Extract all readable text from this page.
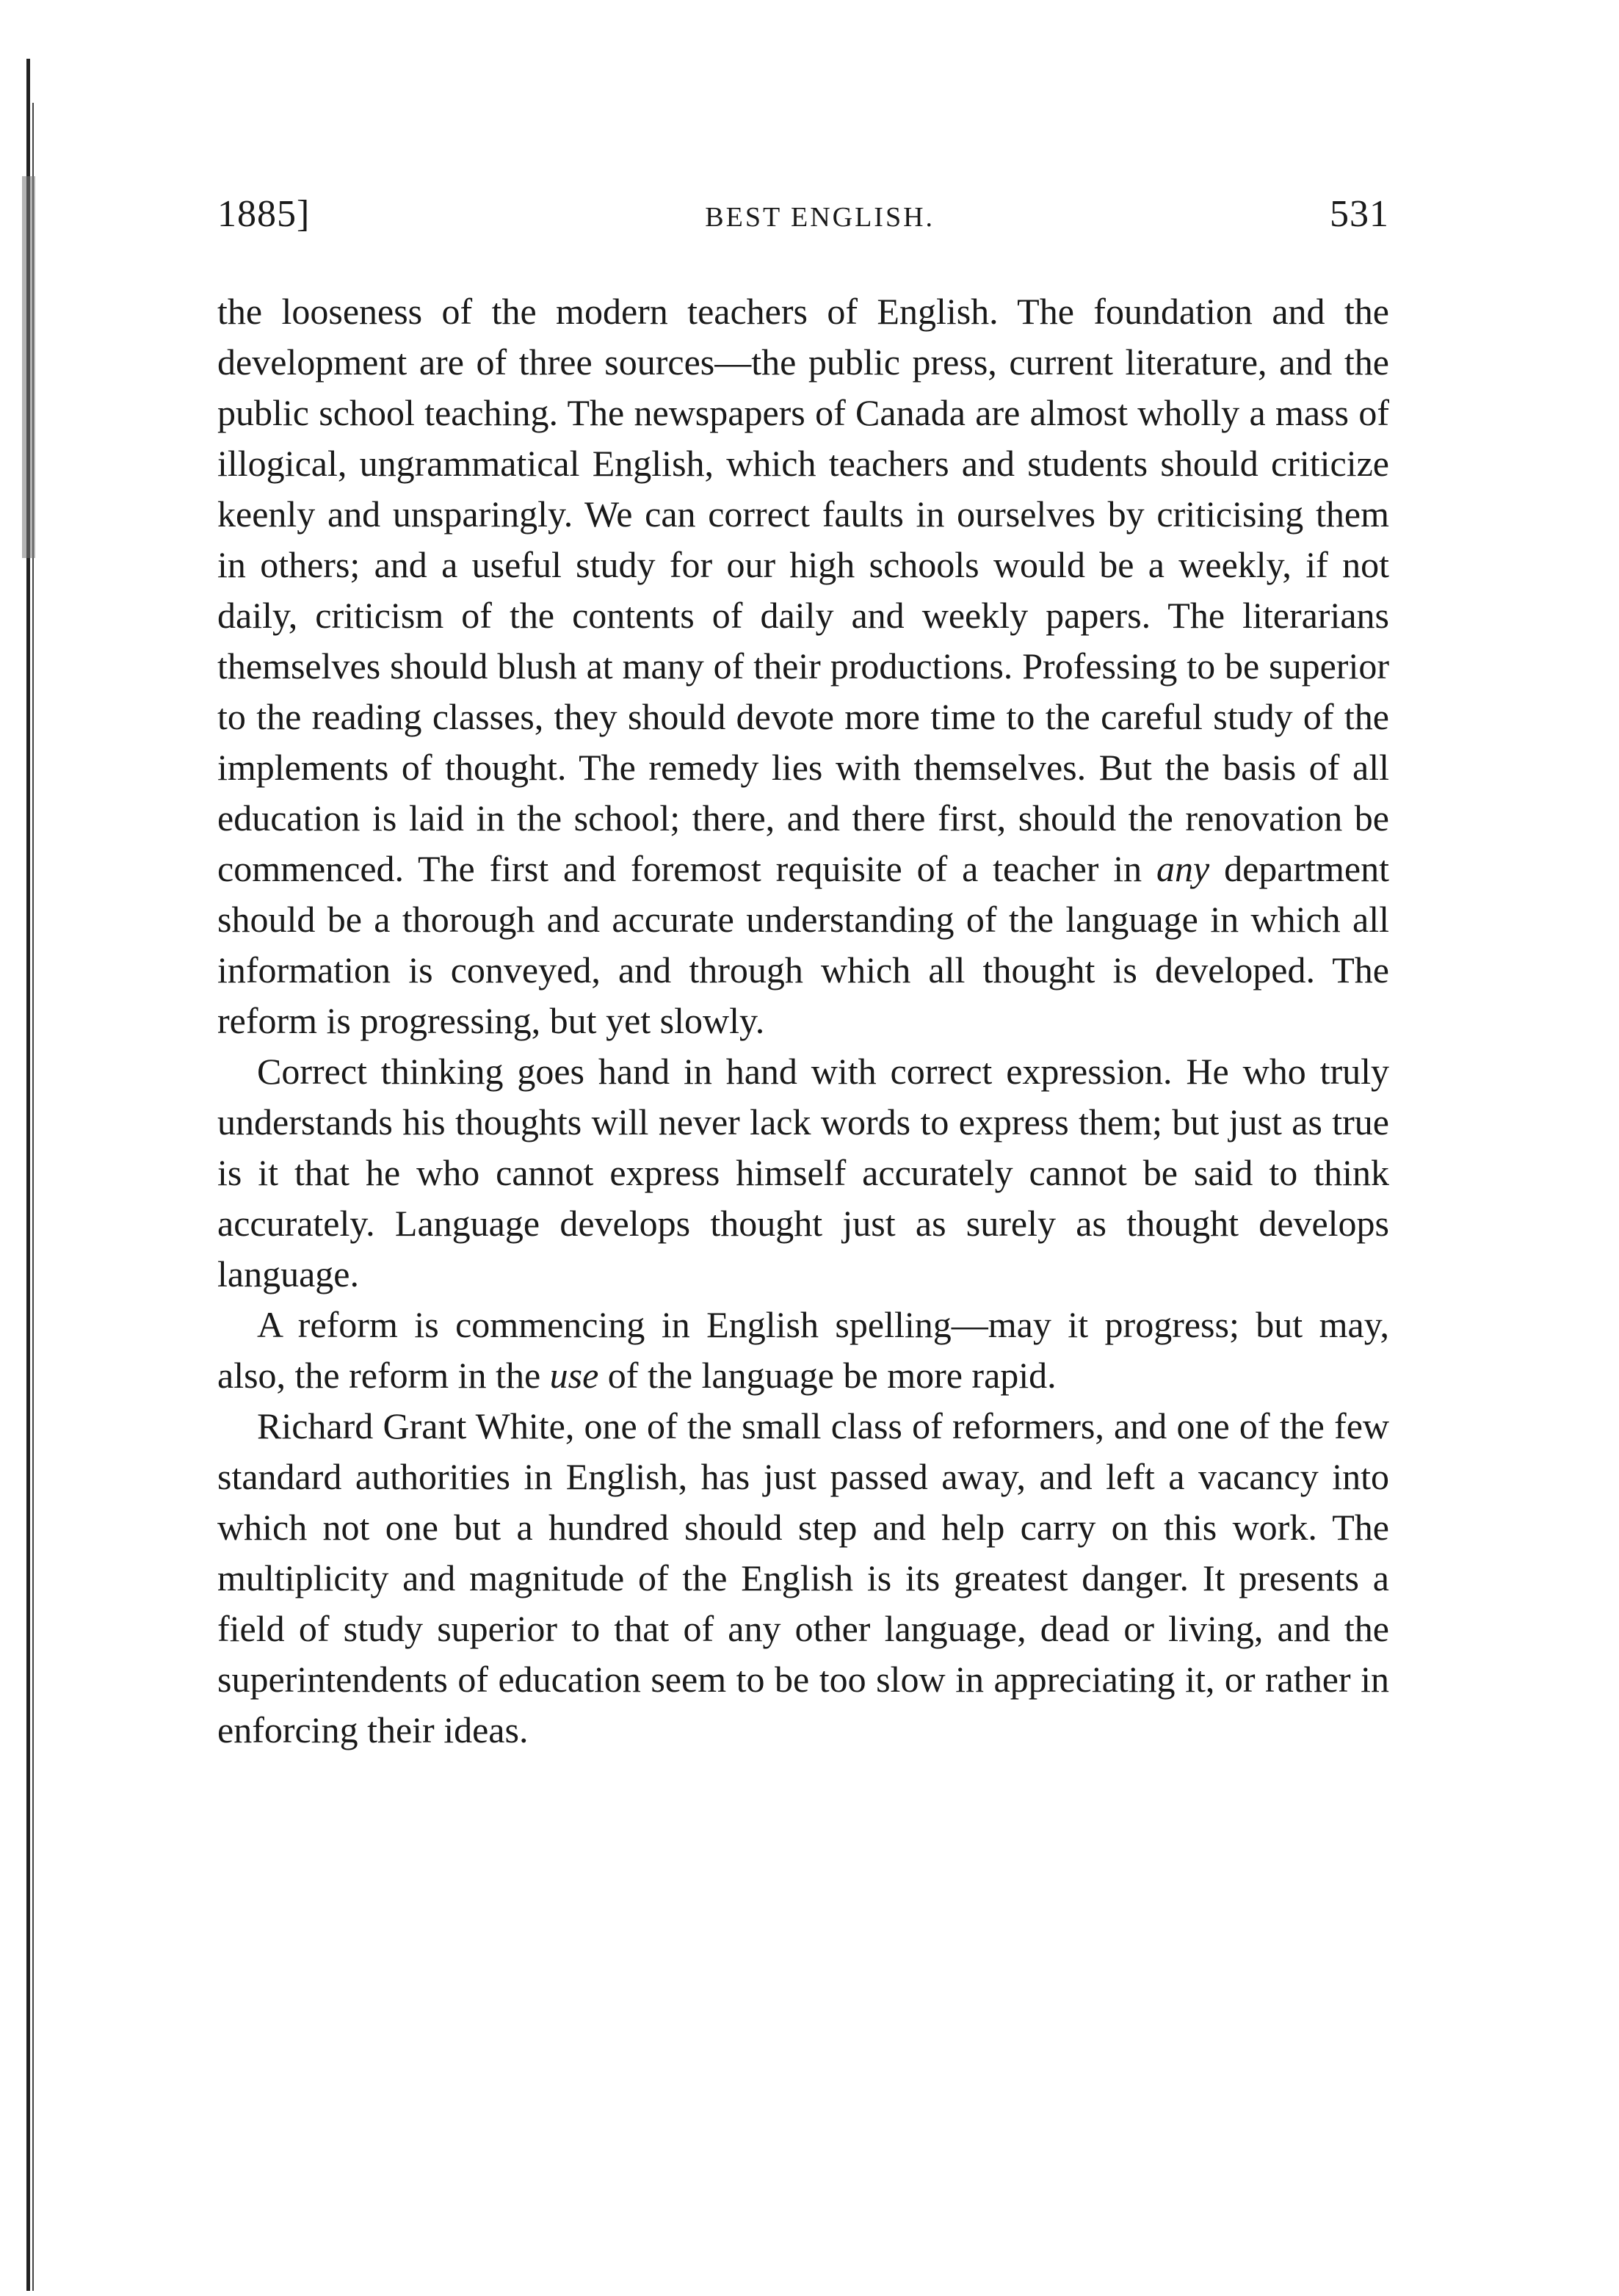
1885]	BEST ENGLISH.	531

the looseness of the modern teachers of English. The foundation and the development are of three sources—the public press, current literature, and the public school teaching. The newspapers of Canada are almost wholly a mass of illogical, ungrammatical English, which teachers and students should criticize keenly and unsparingly. We can correct faults in ourselves by criticising them in others; and a useful study for our high schools would be a weekly, if not daily, criticism of the contents of daily and weekly papers. The literarians themselves should blush at many of their productions. Professing to be superior to the reading classes, they should devote more time to the careful study of the implements of thought. The remedy lies with themselves. But the basis of all education is laid in the school; there, and there first, should the renovation be commenced. The first and foremost requisite of a teacher in any department should be a thorough and accurate understanding of the language in which all information is conveyed, and through which all thought is developed. The reform is progressing, but yet slowly.

Correct thinking goes hand in hand with correct expression. He who truly understands his thoughts will never lack words to express them; but just as true is it that he who cannot express himself accurately cannot be said to think accurately. Language develops thought just as surely as thought develops language.

A reform is commencing in English spelling—may it progress; but may, also, the reform in the use of the language be more rapid.

Richard Grant White, one of the small class of reformers, and one of the few standard authorities in English, has just passed away, and left a vacancy into which not one but a hundred should step and help carry on this work. The multiplicity and magnitude of the English is its greatest danger. It presents a field of study superior to that of any other language, dead or living, and the superintendents of education seem to be too slow in appreciating it, or rather in enforcing their ideas.
